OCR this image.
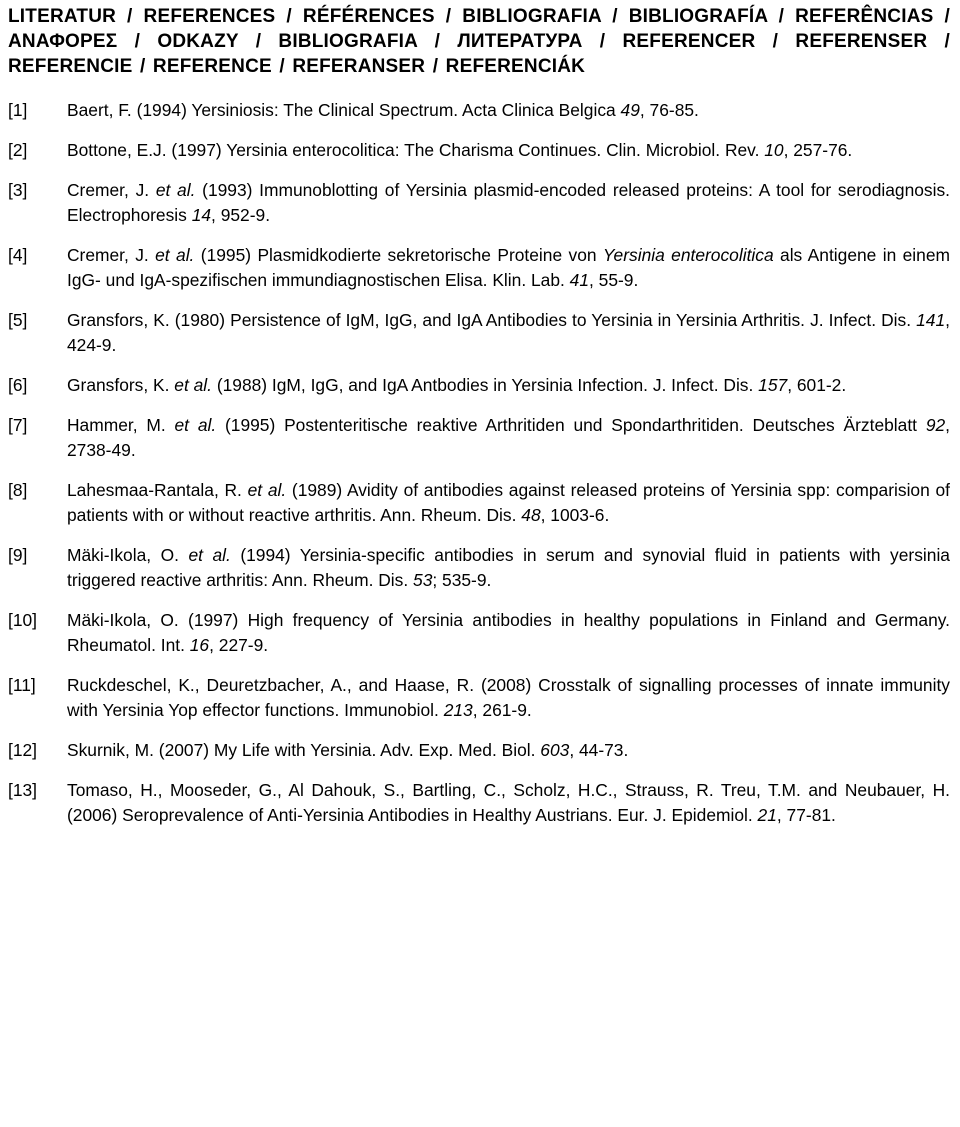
LITERATUR / REFERENCES / RÉFÉRENCES / BIBLIOGRAFIA / BIBLIOGRAFÍA / REFERÊNCIAS / ΑΝΑΦΟΡΕΣ / ODKAZY / BIBLIOGRAFIA / ЛИТЕРАТУРА / REFERENCER / REFERENSER / REFERENCIE / REFERENCE / REFERANSER / REFERENCIÁK
[1]	Baert, F. (1994) Yersiniosis: The Clinical Spectrum. Acta Clinica Belgica 49, 76-85.
[2]	Bottone, E.J. (1997) Yersinia enterocolitica: The Charisma Continues. Clin. Microbiol. Rev. 10, 257-76.
[3]	Cremer, J. et al. (1993) Immunoblotting of Yersinia plasmid-encoded released proteins: A tool for serodiagnosis. Electrophoresis 14, 952-9.
[4]	Cremer, J. et al. (1995) Plasmidkodierte sekretorische Proteine von Yersinia enterocolitica als Antigene in einem IgG- und IgA-spezifischen immundiagnostischen Elisa. Klin. Lab. 41, 55-9.
[5]	Gransfors, K. (1980) Persistence of IgM, IgG, and IgA Antibodies to Yersinia in Yersinia Arthritis. J. Infect. Dis. 141, 424-9.
[6]	Gransfors, K. et al. (1988) IgM, IgG, and IgA Antbodies in Yersinia Infection. J. Infect. Dis. 157, 601-2.
[7]	Hammer, M. et al. (1995) Postenteritische reaktive Arthritiden und Spondarthritiden. Deutsches Ärzteblatt 92, 2738-49.
[8]	Lahesmaa-Rantala, R. et al. (1989) Avidity of antibodies against released proteins of Yersinia spp: comparision of patients with or without reactive arthritis. Ann. Rheum. Dis. 48, 1003-6.
[9]	Mäki-Ikola, O. et al. (1994) Yersinia-specific antibodies in serum and synovial fluid in patients with yersinia triggered reactive arthritis: Ann. Rheum. Dis. 53; 535-9.
[10]	Mäki-Ikola, O. (1997) High frequency of Yersinia antibodies in healthy populations in Finland and Germany. Rheumatol. Int. 16, 227-9.
[11]	Ruckdeschel, K., Deuretzbacher, A., and Haase, R. (2008) Crosstalk of signalling processes of innate immunity with Yersinia Yop effector functions. Immunobiol. 213, 261-9.
[12]	Skurnik, M. (2007) My Life with Yersinia. Adv. Exp. Med. Biol. 603, 44-73.
[13]	Tomaso, H., Mooseder, G., Al Dahouk, S., Bartling, C., Scholz, H.C., Strauss, R. Treu, T.M. and Neubauer, H. (2006) Seroprevalence of Anti-Yersinia Antibodies in Healthy Austrians. Eur. J. Epidemiol. 21, 77-81.
